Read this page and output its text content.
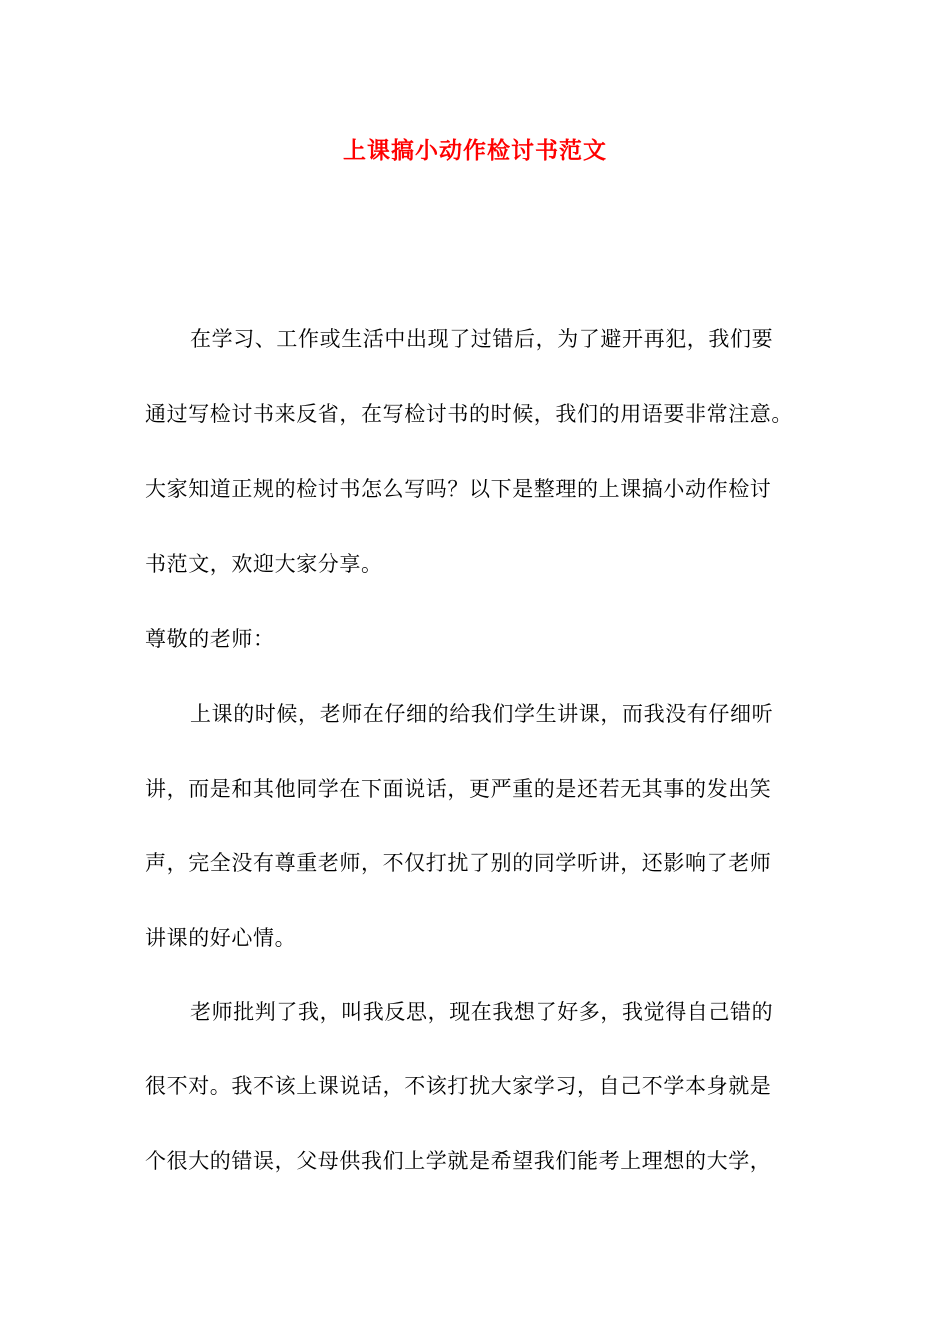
上课搞小动作检讨书范文

在学习、工作或生活中出现了过错后，为了避开再犯，我们要

通过写检讨书来反省，在写检讨书的时候，我们的用语要非常注意。

大家知道正规的检讨书怎么写吗？以下是整理的上课搞小动作检讨

书范文，欢迎大家分享。

尊敬的老师：

上课的时候，老师在仔细的给我们学生讲课，而我没有仔细听

讲，而是和其他同学在下面说话，更严重的是还若无其事的发出笑

声，完全没有尊重老师，不仅打扰了别的同学听讲，还影响了老师

讲课的好心情。

老师批判了我，叫我反思，现在我想了好多，我觉得自己错的

很不对。我不该上课说话，不该打扰大家学习，自己不学本身就是

个很大的错误，父母供我们上学就是希望我们能考上理想的大学，
